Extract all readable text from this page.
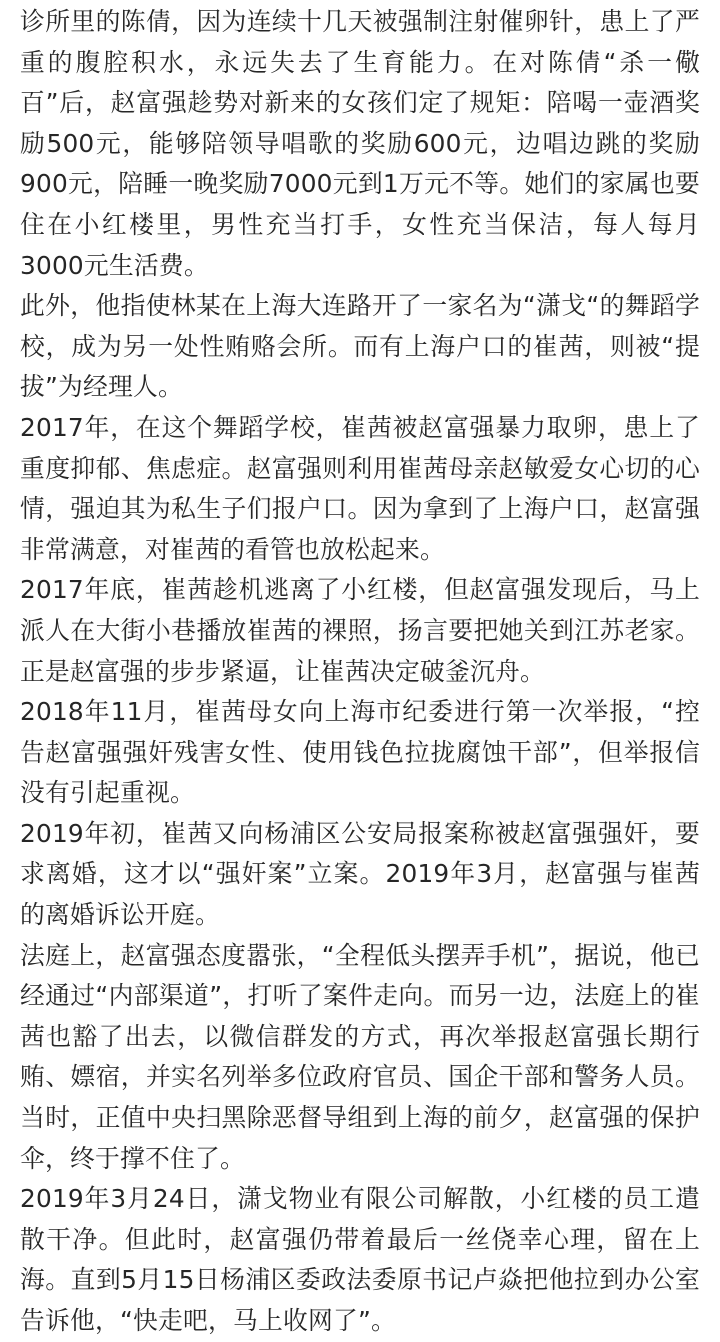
诊所里的陈倩，因为连续十几天被强制注射催卵针，患上了严重的腹腔积水，永远失去了生育能力。在对陈倩“杀一儆百”后，赵富强趁势对新来的女孩们定了规矩：陪喝一壶酒奖励500元，能够陪领导唱歌的奖励600元，边唱边跳的奖励900元，陪睡一晚奖励7000元到1万元不等。她们的家属也要住在小红楼里，男性充当打手，女性充当保洁，每人每月3000元生活费。

此外，他指使林某在上海大连路开了一家名为“潇戈“的舞蹈学校，成为另一处性贿赂会所。而有上海户口的崔茜，则被“提拔”为经理人。

2017年，在这个舞蹈学校，崔茜被赵富强暴力取卵，患上了重度抑郁、焦虑症。赵富强则利用崔茜母亲赵敏爱女心切的心情，强迫其为私生子们报户口。因为拿到了上海户口，赵富强非常满意，对崔茜的看管也放松起来。

2017年底，崔茜趁机逃离了小红楼，但赵富强发现后，马上派人在大街小巷播放崔茜的裸照，扬言要把她关到江苏老家。正是赵富强的步步紧逼，让崔茜决定破釜沉舟。

2018年11月，崔茜母女向上海市纪委进行第一次举报，“控告赵富强强奸残害女性、使用钱色拉拢腐蚀干部”，但举报信没有引起重视。

2019年初，崔茜又向杨浦区公安局报案称被赵富强强奸，要求离婚，这才以“强奸案”立案。2019年3月，赵富强与崔茜的离婚诉讼开庭。

法庭上，赵富强态度嚣张，“全程低头摆弄手机”，据说，他已经通过“内部渠道”，打听了案件走向。而另一边，法庭上的崔茜也豁了出去，以微信群发的方式，再次举报赵富强长期行贿、嫖宿，并实名列举多位政府官员、国企干部和警务人员。当时，正值中央扫黑除恶督导组到上海的前夕，赵富强的保护伞，终于撑不住了。

2019年3月24日，潇戈物业有限公司解散，小红楼的员工遣散干净。但此时，赵富强仍带着最后一丝侥幸心理，留在上海。直到5月15日杨浦区委政法委原书记卢焱把他拉到办公室告诉他，“快走吧，马上收网了”。
